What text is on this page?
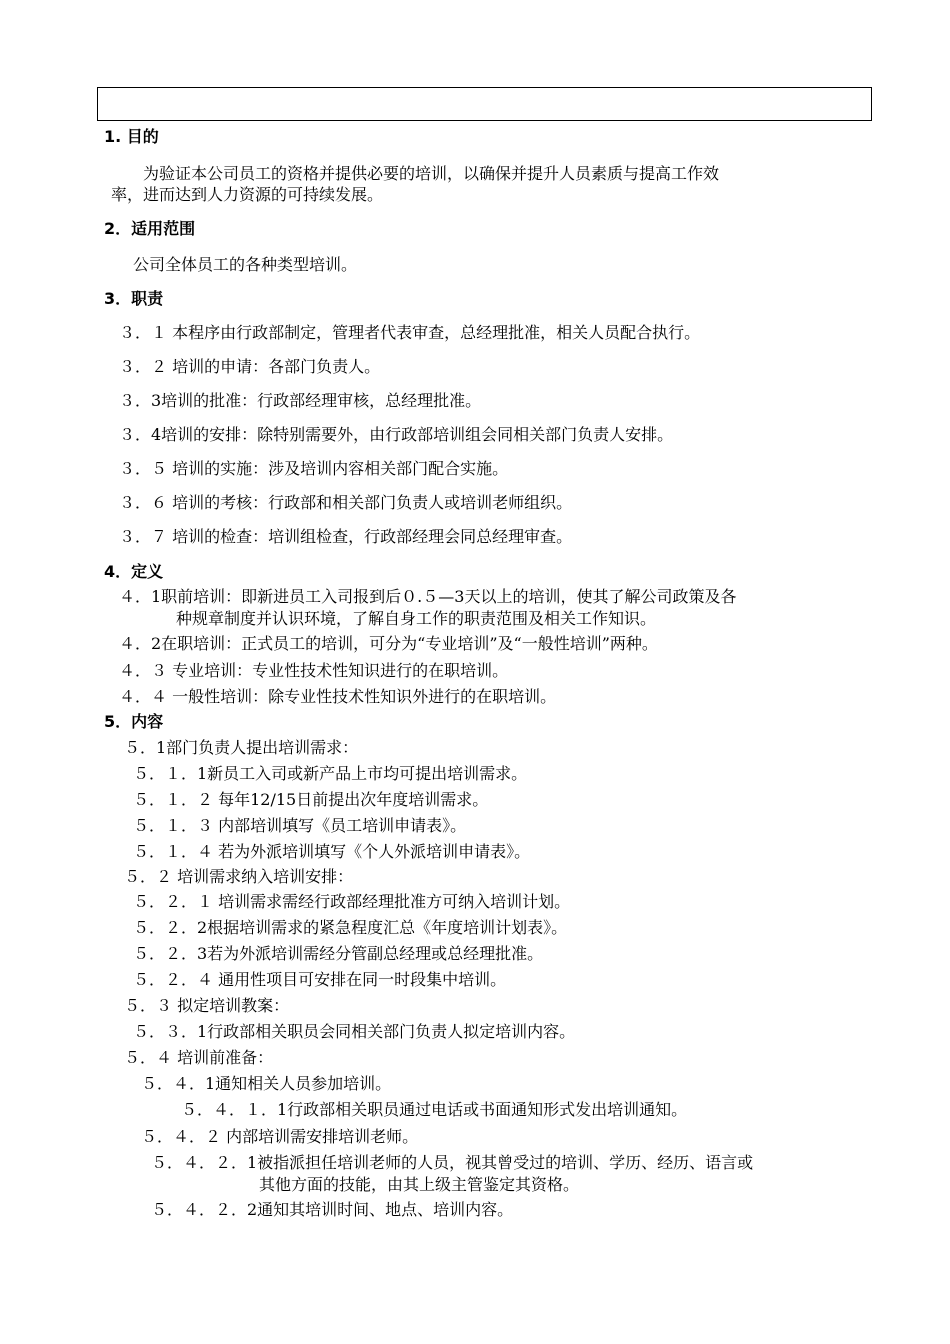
1. 目的
为验证本公司员工的资格并提供必要的培训，以确保并提升人员素质与提高工作效
率，进而达到人力资源的可持续发展。
2．适用范围
公司全体员工的各种类型培训。
3．职责
３．１ 本程序由行政部制定，管理者代表审查，总经理批准，相关人员配合执行。
３．２ 培训的申请：各部门负责人。
３．3培训的批准：行政部经理审核，总经理批准。
３．4培训的安排：除特别需要外，由行政部培训组会同相关部门负责人安排。
３．５ 培训的实施：涉及培训内容相关部门配合实施。
３．６ 培训的考核：行政部和相关部门负责人或培训老师组织。
３．７ 培训的检查：培训组检查，行政部经理会同总经理审查。
4．定义
４．1职前培训：即新进员工入司报到后０.５—3天以上的培训，使其了解公司政策及各
种规章制度并认识环境，了解自身工作的职责范围及相关工作知识。
４．2在职培训：正式员工的培训，可分为“专业培训”及“一般性培训”两种。
４．３ 专业培训：专业性技术性知识进行的在职培训。
４．４ 一般性培训：除专业性技术性知识外进行的在职培训。
5．内容
５．1部门负责人提出培训需求：
５．１．1新员工入司或新产品上市均可提出培训需求。
５．１．２ 每年12/15日前提出次年度培训需求。
５．１．３ 内部培训填写《员工培训申请表》。
５．１．４ 若为外派培训填写《个人外派培训申请表》。
５．２ 培训需求纳入培训安排：
５．２．１ 培训需求需经行政部经理批准方可纳入培训计划。
５．２．2根据培训需求的紧急程度汇总《年度培训计划表》。
５．２．3若为外派培训需经分管副总经理或总经理批准。
５．２．４ 通用性项目可安排在同一时段集中培训。
５．３ 拟定培训教案：
５．３．1行政部相关职员会同相关部门负责人拟定培训内容。
５．４ 培训前准备：
５．４．1通知相关人员参加培训。
５．４．１．1行政部相关职员通过电话或书面通知形式发出培训通知。
５．４．２ 内部培训需安排培训老师。
５．４．２．1被指派担任培训老师的人员，视其曾受过的培训、学历、经历、语言或
其他方面的技能，由其上级主管鉴定其资格。
５．４．２．2通知其培训时间、地点、培训内容。
